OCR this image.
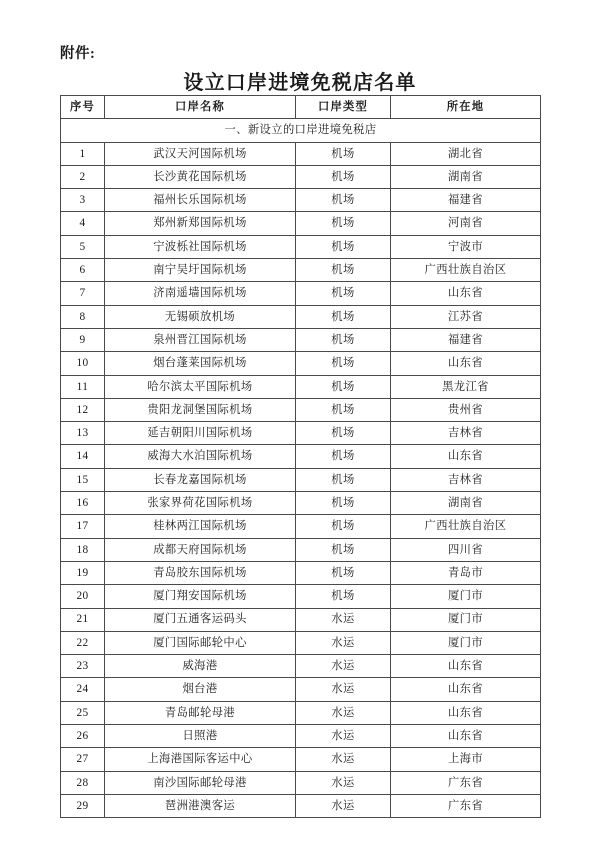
附件:
设立口岸进境免税店名单
序号	口岸名称	口岸类型	所在地
一、新设立的口岸进境免税店			
1	武汉天河国际机场	机场	湖北省
2	长沙黄花国际机场	机场	湖南省
3	福州长乐国际机场	机场	福建省
4	郑州新郑国际机场	机场	河南省
5	宁波栎社国际机场	机场	宁波市
6	南宁吴圩国际机场	机场	广西壮族自治区
7	济南遥墙国际机场	机场	山东省
8	无锡硕放机场	机场	江苏省
9	泉州晋江国际机场	机场	福建省
10	烟台蓬莱国际机场	机场	山东省
11	哈尔滨太平国际机场	机场	黑龙江省
12	贵阳龙洞堡国际机场	机场	贵州省
13	延吉朝阳川国际机场	机场	吉林省
14	威海大水泊国际机场	机场	山东省
15	长春龙嘉国际机场	机场	吉林省
16	张家界荷花国际机场	机场	湖南省
17	桂林两江国际机场	机场	广西壮族自治区
18	成都天府国际机场	机场	四川省
19	青岛胶东国际机场	机场	青岛市
20	厦门翔安国际机场	机场	厦门市
21	厦门五通客运码头	水运	厦门市
22	厦门国际邮轮中心	水运	厦门市
23	威海港	水运	山东省
24	烟台港	水运	山东省
25	青岛邮轮母港	水运	山东省
26	日照港	水运	山东省
27	上海港国际客运中心	水运	上海市
28	南沙国际邮轮母港	水运	广东省
29	琶洲港澳客运	水运	广东省
